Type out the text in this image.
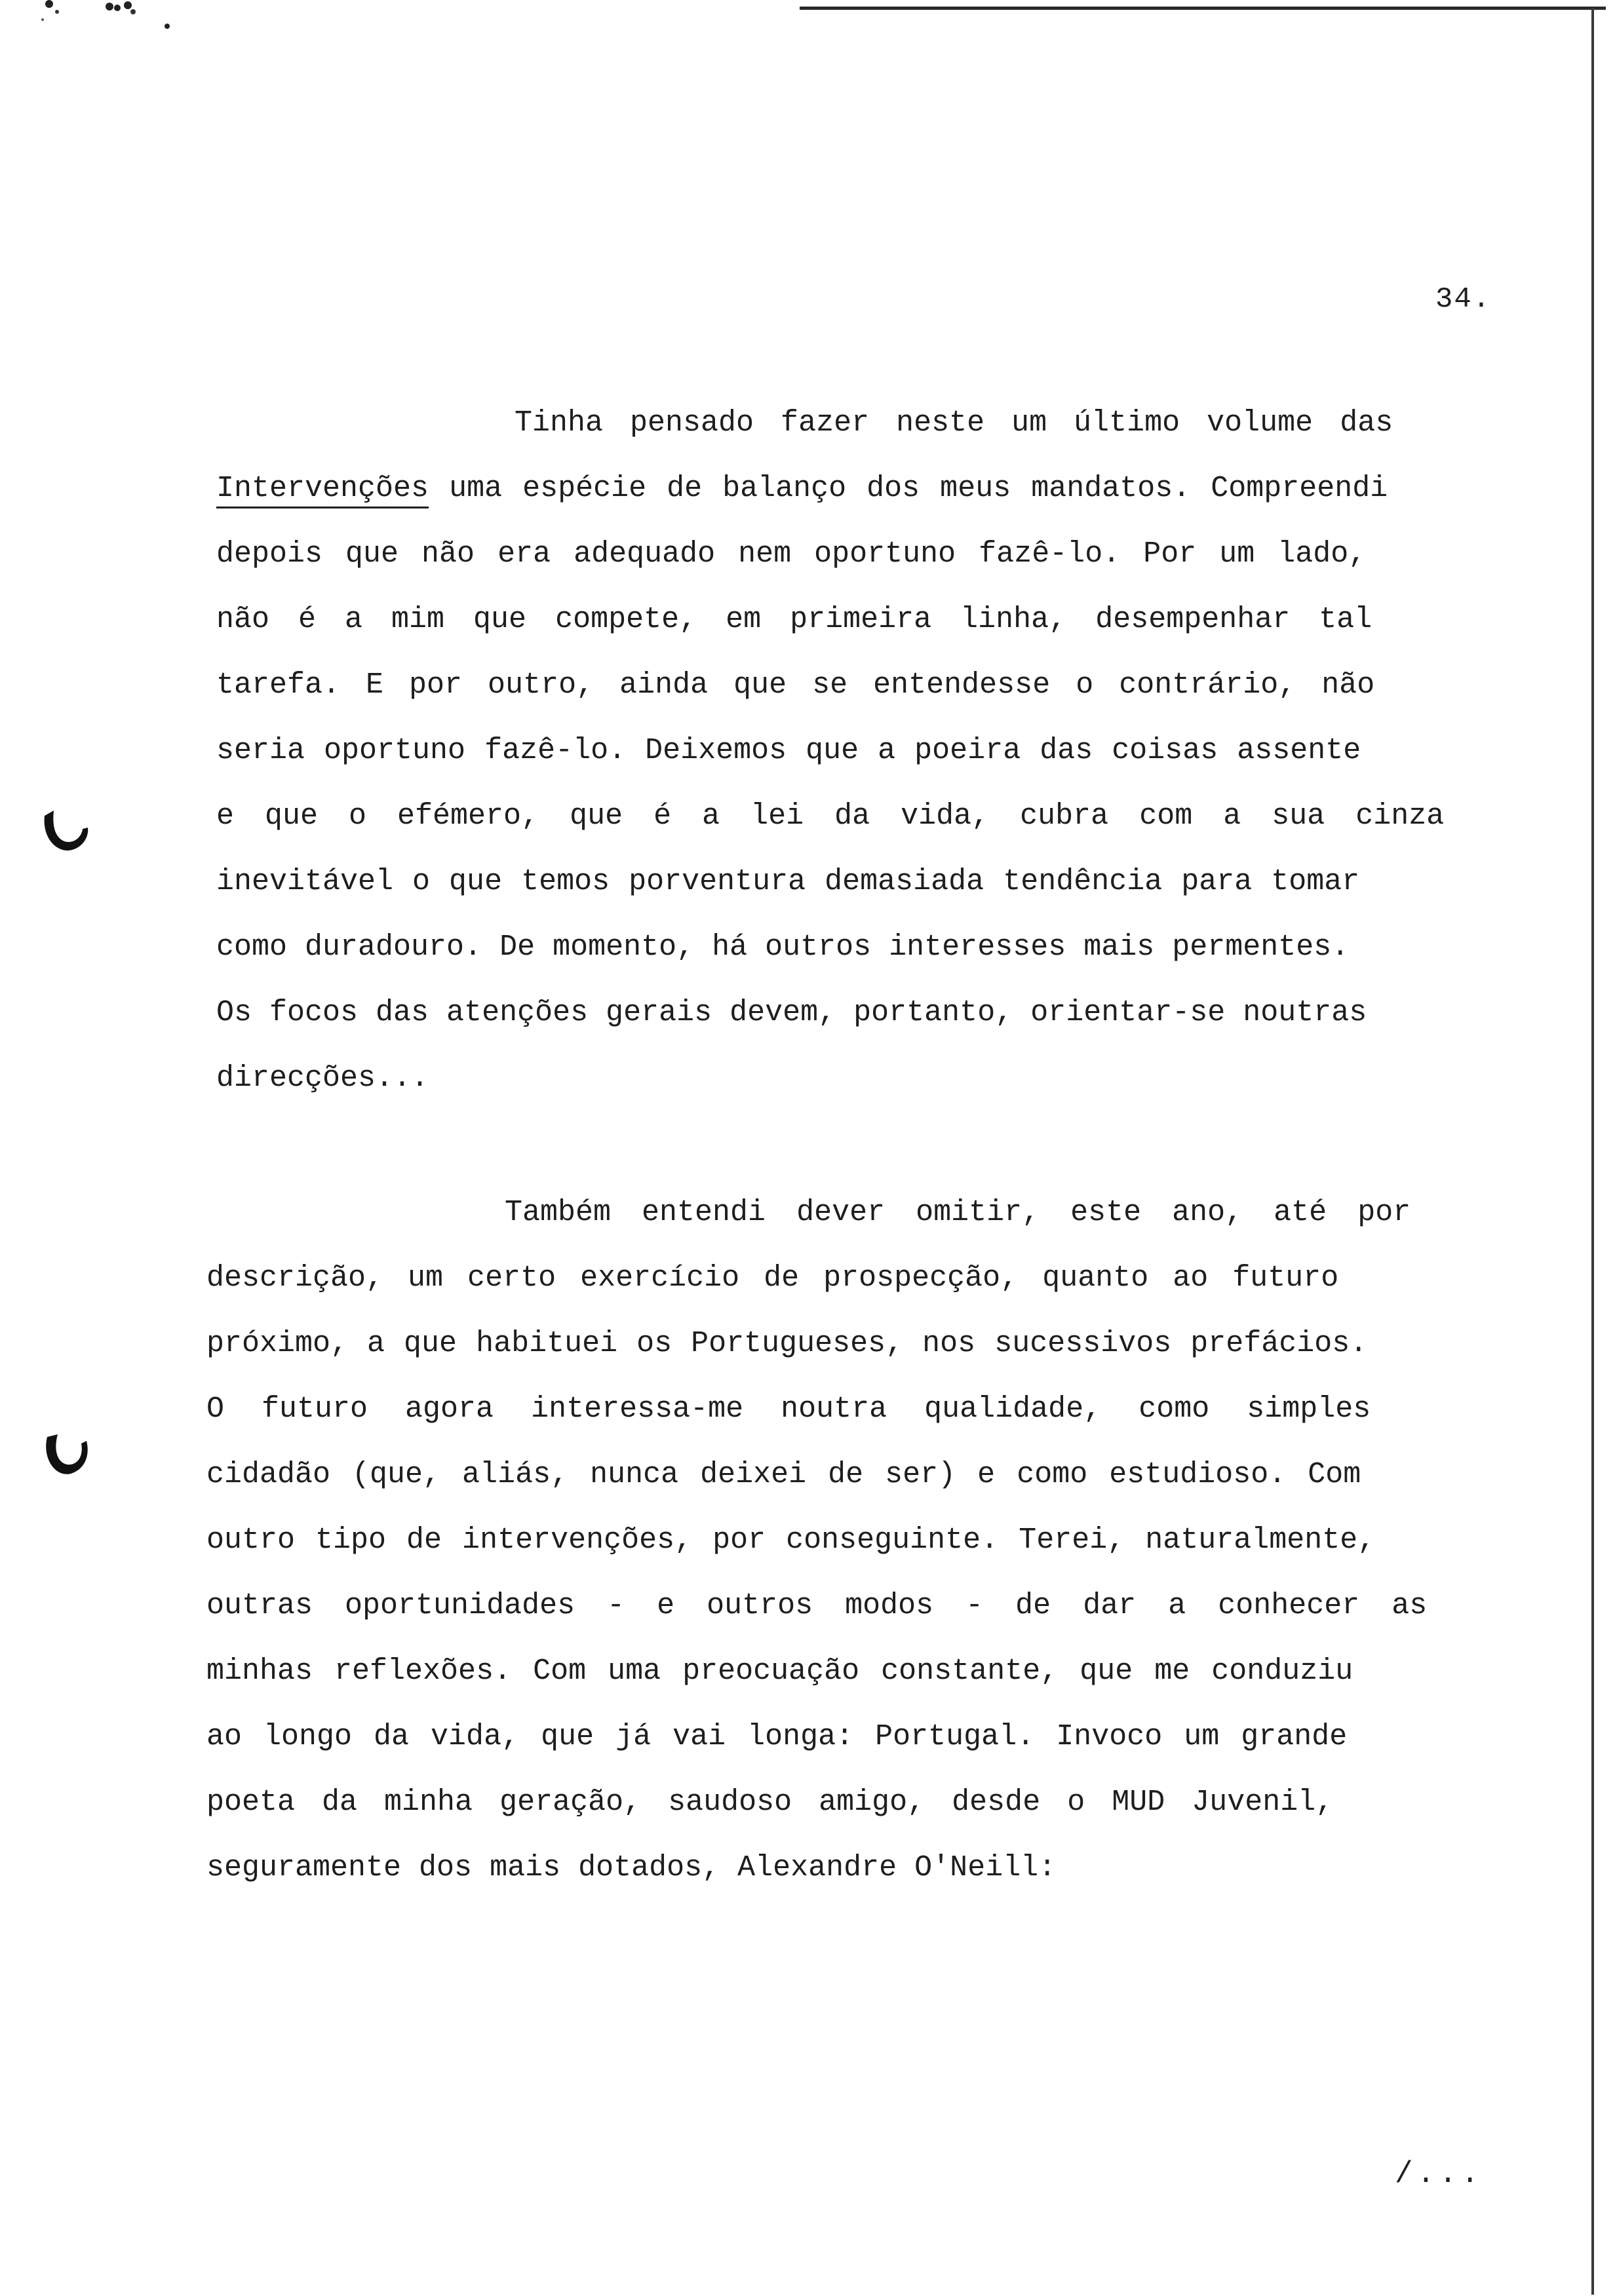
34.
Tinha pensado fazer neste um último volume das
Intervenções uma espécie de balanço dos meus mandatos. Compreendi
depois que não era adequado nem oportuno fazê-lo. Por um lado,
não é a mim que compete, em primeira linha, desempenhar tal
tarefa. E por outro, ainda que se entendesse o contrário, não
seria oportuno fazê-lo. Deixemos que a poeira das coisas assente
e que o efémero, que é a lei da vida, cubra com a sua cinza
inevitável o que temos porventura demasiada tendência para tomar
como duradouro. De momento, há outros interesses mais permentes.
Os focos das atenções gerais devem, portanto, orientar-se noutras
direcções...
Também entendi dever omitir, este ano, até por
descrição, um certo exercício de prospecção, quanto ao futuro
próximo, a que habituei os Portugueses, nos sucessivos prefácios.
O futuro agora interessa-me noutra qualidade, como simples
cidadão (que, aliás, nunca deixei de ser) e como estudioso. Com
outro tipo de intervenções, por conseguinte. Terei, naturalmente,
outras oportunidades - e outros modos - de dar a conhecer as
minhas reflexões. Com uma preocuação constante, que me conduziu
ao longo da vida, que já vai longa: Portugal. Invoco um grande
poeta da minha geração, saudoso amigo, desde o MUD Juvenil,
seguramente dos mais dotados, Alexandre O'Neill:
/...
